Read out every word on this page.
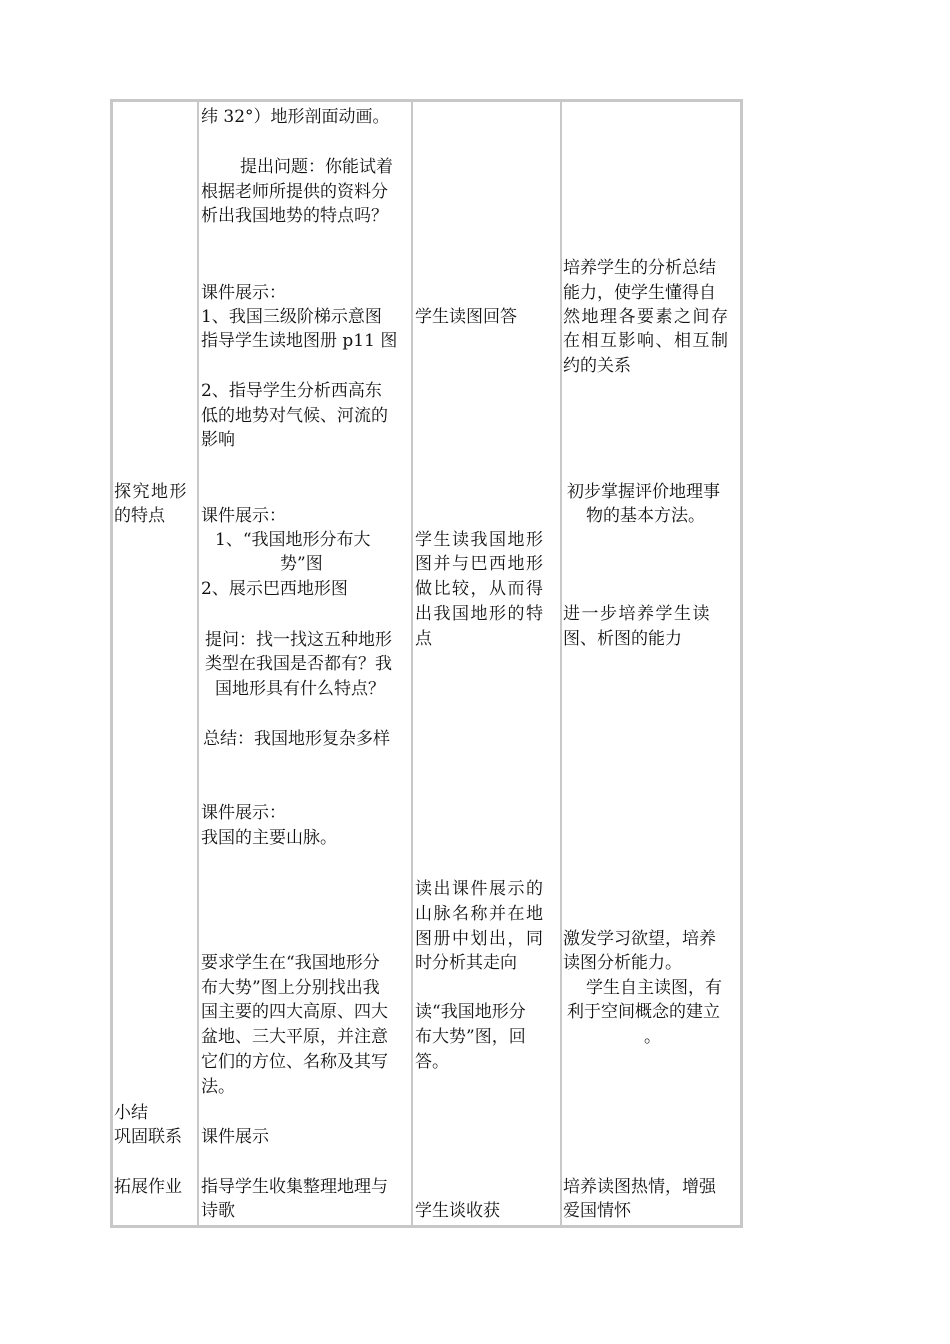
探究地形
的特点
小结
巩固联系
拓展作业
纬 32°）地形剖面动画。
提出问题：你能试着
根据老师所提供的资料分
析出我国地势的特点吗？
课件展示：
1、我国三级阶梯示意图
指导学生读地图册 p11 图
2、指导学生分析西高东
低的地势对气候、河流的
影响
课件展示：
1、“我国地形分布大
势”图
2、展示巴西地形图
提问：找一找这五种地形
类型在我国是否都有？我
国地形具有什么特点？
总结：我国地形复杂多样
课件展示：
我国的主要山脉。
要求学生在“我国地形分
布大势”图上分别找出我
国主要的四大高原、四大
盆地、三大平原，并注意
它们的方位、名称及其写
法。
课件展示
指导学生收集整理地理与
诗歌
学生读图回答
学生读我国地形
图并与巴西地形
做比较，从而得
出我国地形的特
点
读出课件展示的
山脉名称并在地
图册中划出，同
时分析其走向
读“我国地形分
布大势”图，回
答。
学生谈收获
培养学生的分析总结
能力，使学生懂得自
然地理各要素之间存
在相互影响、相互制
约的关系
初步掌握评价地理事
物的基本方法。
进一步培养学生读
图、析图的能力
激发学习欲望，培养
读图分析能力。
学生自主读图，有
利于空间概念的建立
。
培养读图热情，增强
爱国情怀
